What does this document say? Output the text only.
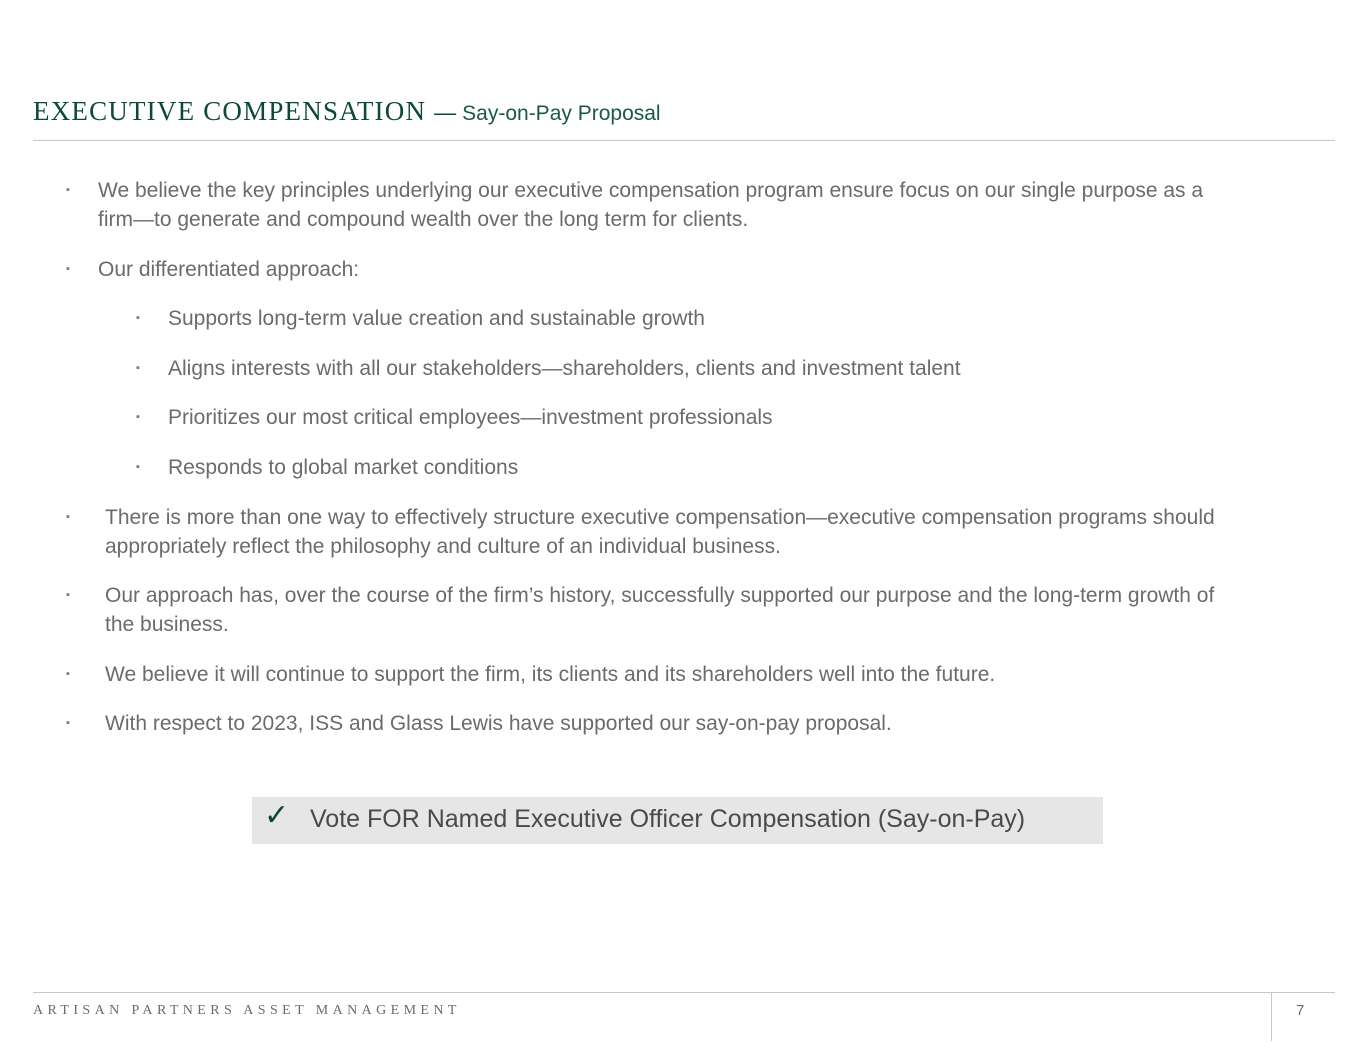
EXECUTIVE COMPENSATION — Say-on-Pay Proposal
▪ We believe the key principles underlying our executive compensation program ensure focus on our single purpose as a
firm—to generate and compound wealth over the long term for clients.
▪ Our differentiated approach:
▪ Supports long-term value creation and sustainable growth
▪ Aligns interests with all our stakeholders—shareholders, clients and investment talent
▪ Prioritizes our most critical employees—investment professionals
▪ Responds to global market conditions
▪ There is more than one way to effectively structure executive compensation—executive compensation programs should
appropriately reflect the philosophy and culture of an individual business.
▪ Our approach has, over the course of the firm’s history, successfully supported our purpose and the long-term growth of
the business.
▪ We believe it will continue to support the firm, its clients and its shareholders well into the future.
▪ With respect to 2023, ISS and Glass Lewis have supported our say-on-pay proposal.
✓ Vote FOR Named Executive Officer Compensation (Say-on-Pay)
ARTISAN PARTNERS ASSET MANAGEMENT	7
